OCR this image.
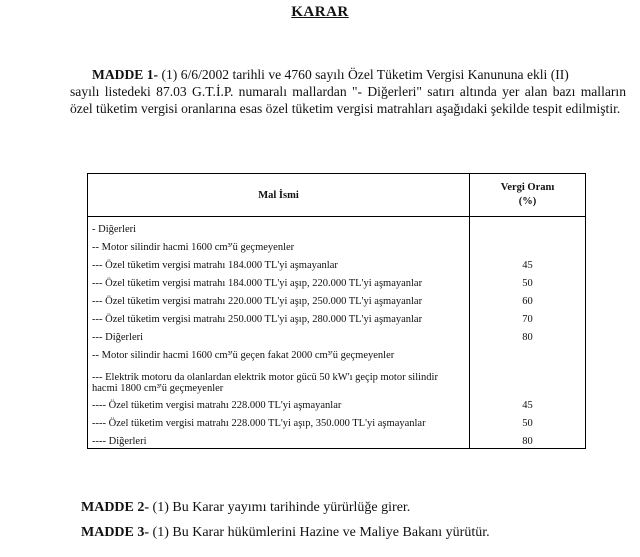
KARAR
MADDE 1- (1) 6/6/2002 tarihli ve 4760 sayılı Özel Tüketim Vergisi Kanununa ekli (II)
sayılı listedeki 87.03 G.T.İ.P. numaralı mallardan "- Diğerleri" satırı altında yer alan bazı malların özel tüketim vergisi oranlarına esas özel tüketim vergisi matrahları aşağıdaki şekilde tespit edilmiştir.
Mal İsmi	Vergi Oranı
(%)

- Diğerleri	
-- Motor silindir hacmi 1600 cm³'ü geçmeyenler	
--- Özel tüketim vergisi matrahı 184.000 TL'yi aşmayanlar	45
--- Özel tüketim vergisi matrahı 184.000 TL'yi aşıp, 220.000 TL'yi aşmayanlar	50
--- Özel tüketim vergisi matrahı 220.000 TL'yi aşıp, 250.000 TL'yi aşmayanlar	60
--- Özel tüketim vergisi matrahı 250.000 TL'yi aşıp, 280.000 TL'yi aşmayanlar	70
--- Diğerleri	80
-- Motor silindir hacmi 1600 cm³'ü geçen fakat 2000 cm³'ü geçmeyenler	
--- Elektrik motoru da olanlardan elektrik motor gücü 50 kW'ı geçip motor silindir hacmi 1800 cm³'ü geçmeyenler	
---- Özel tüketim vergisi matrahı 228.000 TL'yi aşmayanlar	45
---- Özel tüketim vergisi matrahı 228.000 TL'yi aşıp, 350.000 TL'yi aşmayanlar	50
---- Diğerleri	80
MADDE 2- (1) Bu Karar yayımı tarihinde yürürlüğe girer.
MADDE 3- (1) Bu Karar hükümlerini Hazine ve Maliye Bakanı yürütür.
